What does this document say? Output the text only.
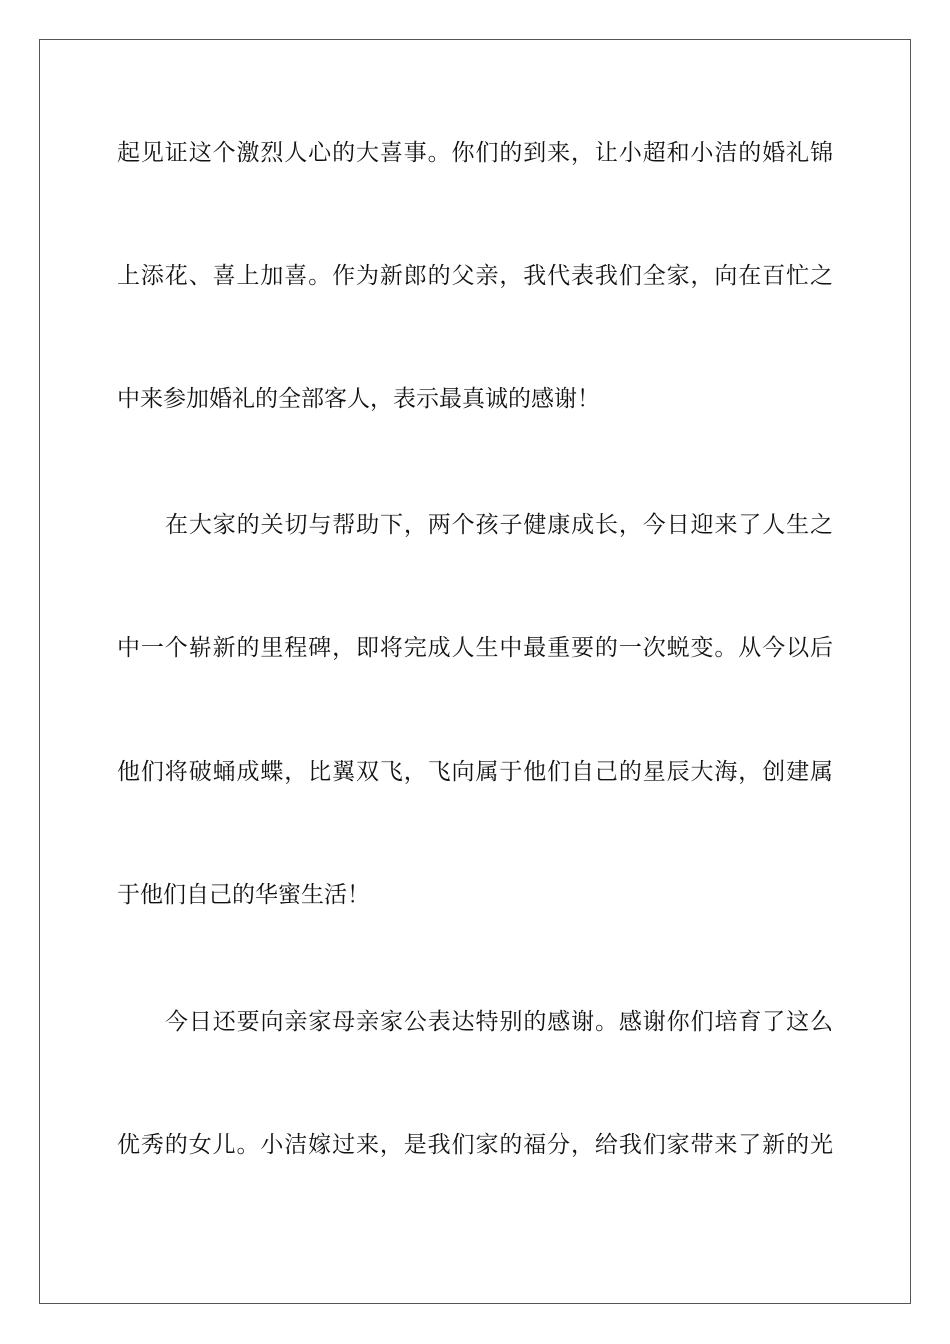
起见证这个激烈人心的大喜事。你们的到来，让小超和小洁的婚礼锦
上添花、喜上加喜。作为新郎的父亲，我代表我们全家，向在百忙之
中来参加婚礼的全部客人，表示最真诚的感谢！
在大家的关切与帮助下，两个孩子健康成长，今日迎来了人生之
中一个崭新的里程碑，即将完成人生中最重要的一次蜕变。从今以后
他们将破蛹成蝶，比翼双飞，飞向属于他们自己的星辰大海，创建属
于他们自己的华蜜生活！
今日还要向亲家母亲家公表达特别的感谢。感谢你们培育了这么
优秀的女儿。小洁嫁过来，是我们家的福分，给我们家带来了新的光
